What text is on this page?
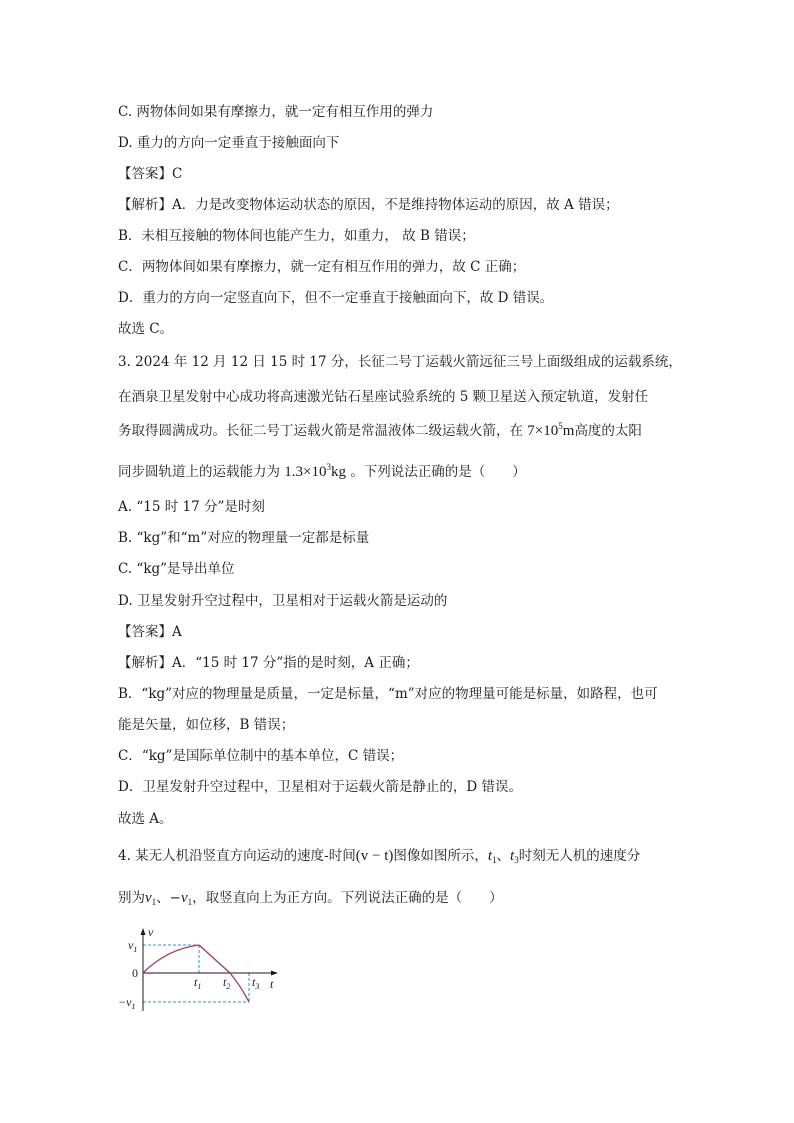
C. 两物体间如果有摩擦力，就一定有相互作用的弹力
D. 重力的方向一定垂直于接触面向下
【答案】C
【解析】A．力是改变物体运动状态的原因，不是维持物体运动的原因，故 A 错误；
B．未相互接触的物体间也能产生力，如重力， 故 B 错误；
C．两物体间如果有摩擦力，就一定有相互作用的弹力，故 C 正确；
D．重力的方向一定竖直向下，但不一定垂直于接触面向下，故 D 错误。
故选 C。
3. 2024 年 12 月 12 日 15 时 17 分，长征二号丁运载火箭远征三号上面级组成的运载系统，
在酒泉卫星发射中心成功将高速激光钻石星座试验系统的 5 颗卫星送入预定轨道，发射任
务取得圆满成功。长征二号丁运载火箭是常温液体二级运载火箭，在 $7\times 10^5m$高度的太阳
同步圆轨道上的运载能力为 $1.3\times 10^3kg$ 。下列说法正确的是（　　）
A. “15 时 17 分”是时刻
B. “kg”和“m”对应的物理量一定都是标量
C. “kg”是导出单位
D. 卫星发射升空过程中，卫星相对于运载火箭是运动的
【答案】A
【解析】A．“15 时 17 分”指的是时刻，A 正确；
B．“kg”对应的物理量是质量，一定是标量，“m”对应的物理量可能是标量，如路程，也可
能是矢量，如位移，B 错误；
C．“kg”是国际单位制中的基本单位，C 错误；
D．卫星发射升空过程中，卫星相对于运载火箭是静止的，D 错误。
故选 A。
4. 某无人机沿竖直方向运动的速度-时间(v − t)图像如图所示，$t_1$、$t_3$时刻无人机的速度分
别为$v_1$、$-v_1$，取竖直向上为正方向。下列说法正确的是（　　）
v
t
$v_1$
0
$-v_1$
$t_1$ $t_2$ $t_3$
